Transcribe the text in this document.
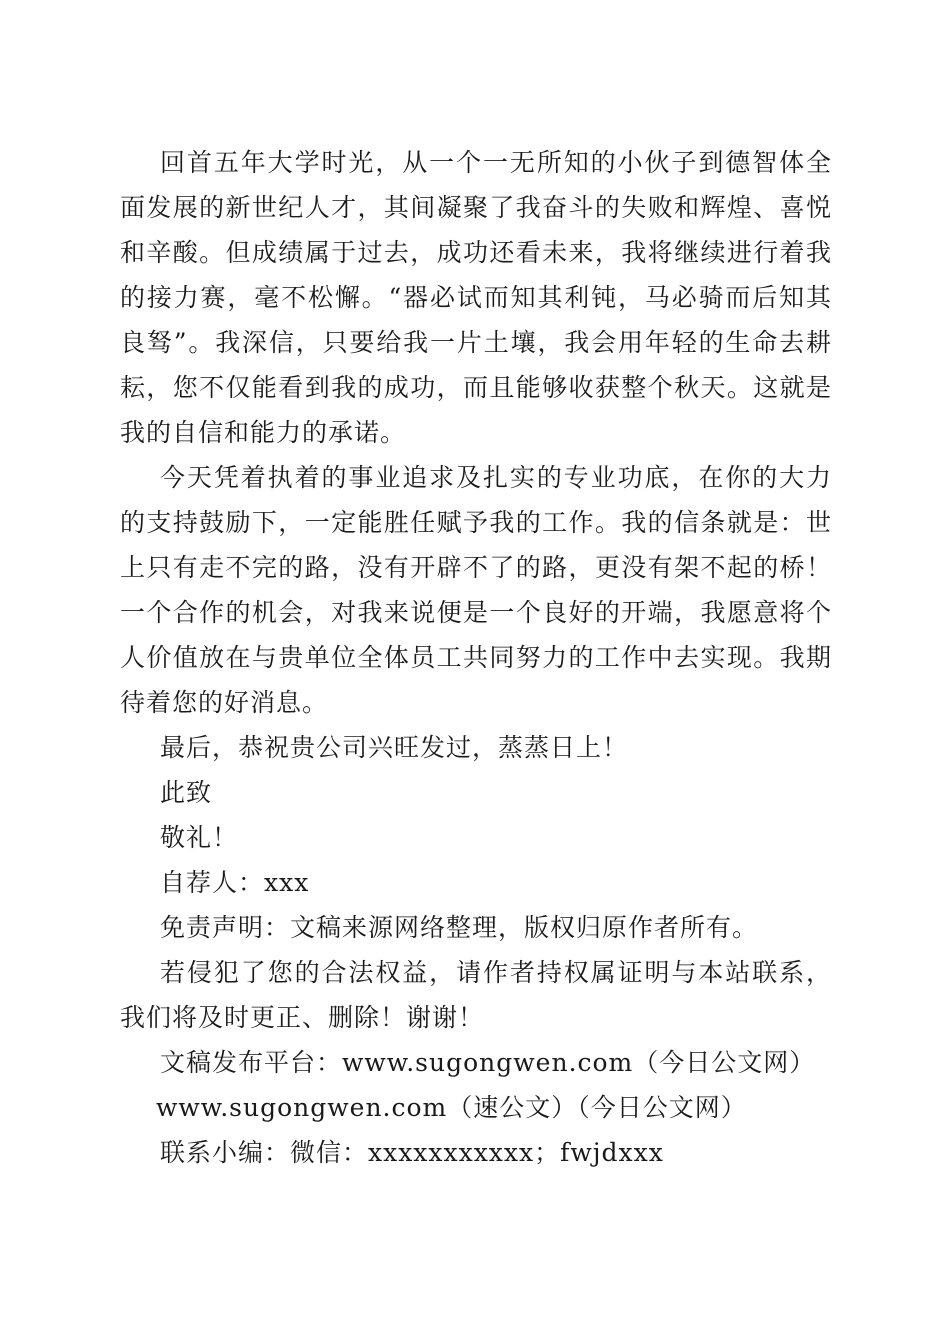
回首五年大学时光，从一个一无所知的小伙子到德智体全面发展的新世纪人才，其间凝聚了我奋斗的失败和辉煌、喜悦和辛酸。但成绩属于过去，成功还看未来，我将继续进行着我的接力赛，毫不松懈。“器必试而知其利钝，马必骑而后知其良驽”。我深信，只要给我一片土壤，我会用年轻的生命去耕耘，您不仅能看到我的成功，而且能够收获整个秋天。这就是我的自信和能力的承诺。

今天凭着执着的事业追求及扎实的专业功底，在你的大力的支持鼓励下，一定能胜任赋予我的工作。我的信条就是：世上只有走不完的路，没有开辟不了的路，更没有架不起的桥！一个合作的机会，对我来说便是一个良好的开端，我愿意将个人价值放在与贵单位全体员工共同努力的工作中去实现。我期待着您的好消息。

最后，恭祝贵公司兴旺发过，蒸蒸日上！

此致

敬礼！

自荐人：xxx

免责声明：文稿来源网络整理，版权归原作者所有。

若侵犯了您的合法权益，请作者持权属证明与本站联系，我们将及时更正、删除！谢谢！

文稿发布平台：www.sugongwen.com（今日公文网）

www.sugongwen.com（速公文）（今日公文网）

联系小编：微信：xxxxxxxxxxx；fwjdxxx
